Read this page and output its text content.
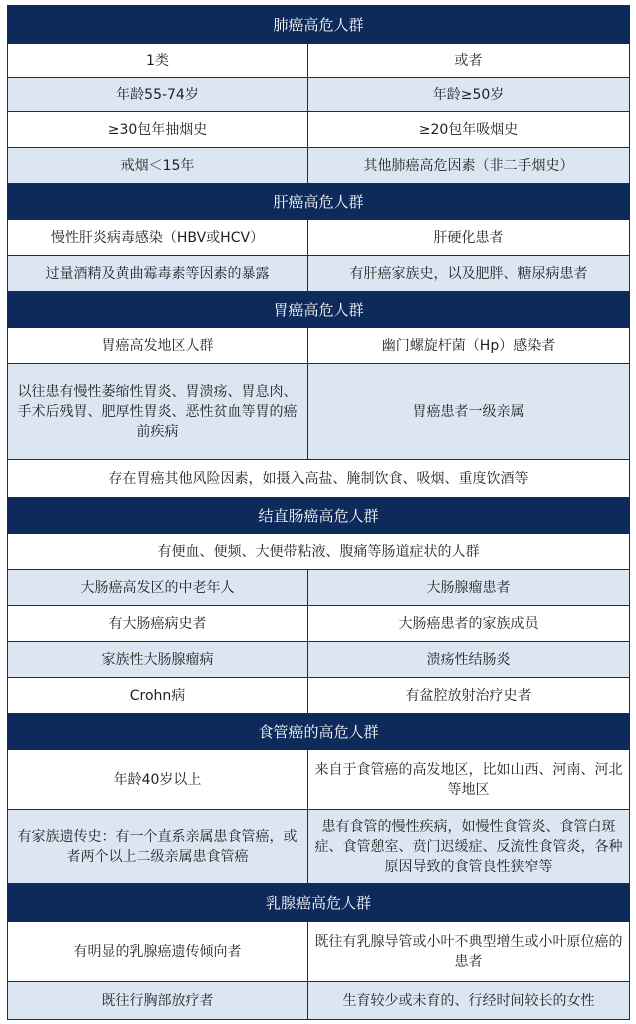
肺癌高危人群	
1类	或者
年龄55-74岁	年龄≥50岁
≥30包年抽烟史	≥20包年吸烟史
戒烟＜15年	其他肺癌高危因素（非二手烟史）
肝癌高危人群	
慢性肝炎病毒感染（HBV或HCV）	肝硬化患者
过量酒精及黄曲霉毒素等因素的暴露	有肝癌家族史，以及肥胖、糖尿病患者
胃癌高危人群	
胃癌高发地区人群	幽门螺旋杆菌（Hp）感染者
以往患有慢性萎缩性胃炎、胃溃疡、胃息肉、手术后残胃、肥厚性胃炎、恶性贫血等胃的癌前疾病	胃癌患者一级亲属
存在胃癌其他风险因素，如摄入高盐、腌制饮食、吸烟、重度饮酒等	
结直肠癌高危人群	
有便血、便频、大便带粘液、腹痛等肠道症状的人群	
大肠癌高发区的中老年人	大肠腺瘤患者
有大肠癌病史者	大肠癌患者的家族成员
家族性大肠腺瘤病	溃疡性结肠炎
Crohn病	有盆腔放射治疗史者
食管癌的高危人群	
年龄40岁以上	来自于食管癌的高发地区，比如山西、河南、河北等地区
有家族遗传史：有一个直系亲属患食管癌，或者两个以上二级亲属患食管癌	患有食管的慢性疾病，如慢性食管炎、食管白斑症、食管憩室、贲门迟缓症、反流性食管炎，各种原因导致的食管良性狭窄等
乳腺癌高危人群	
有明显的乳腺癌遗传倾向者	既往有乳腺导管或小叶不典型增生或小叶原位癌的患者
既往行胸部放疗者	生育较少或未育的、行经时间较长的女性
